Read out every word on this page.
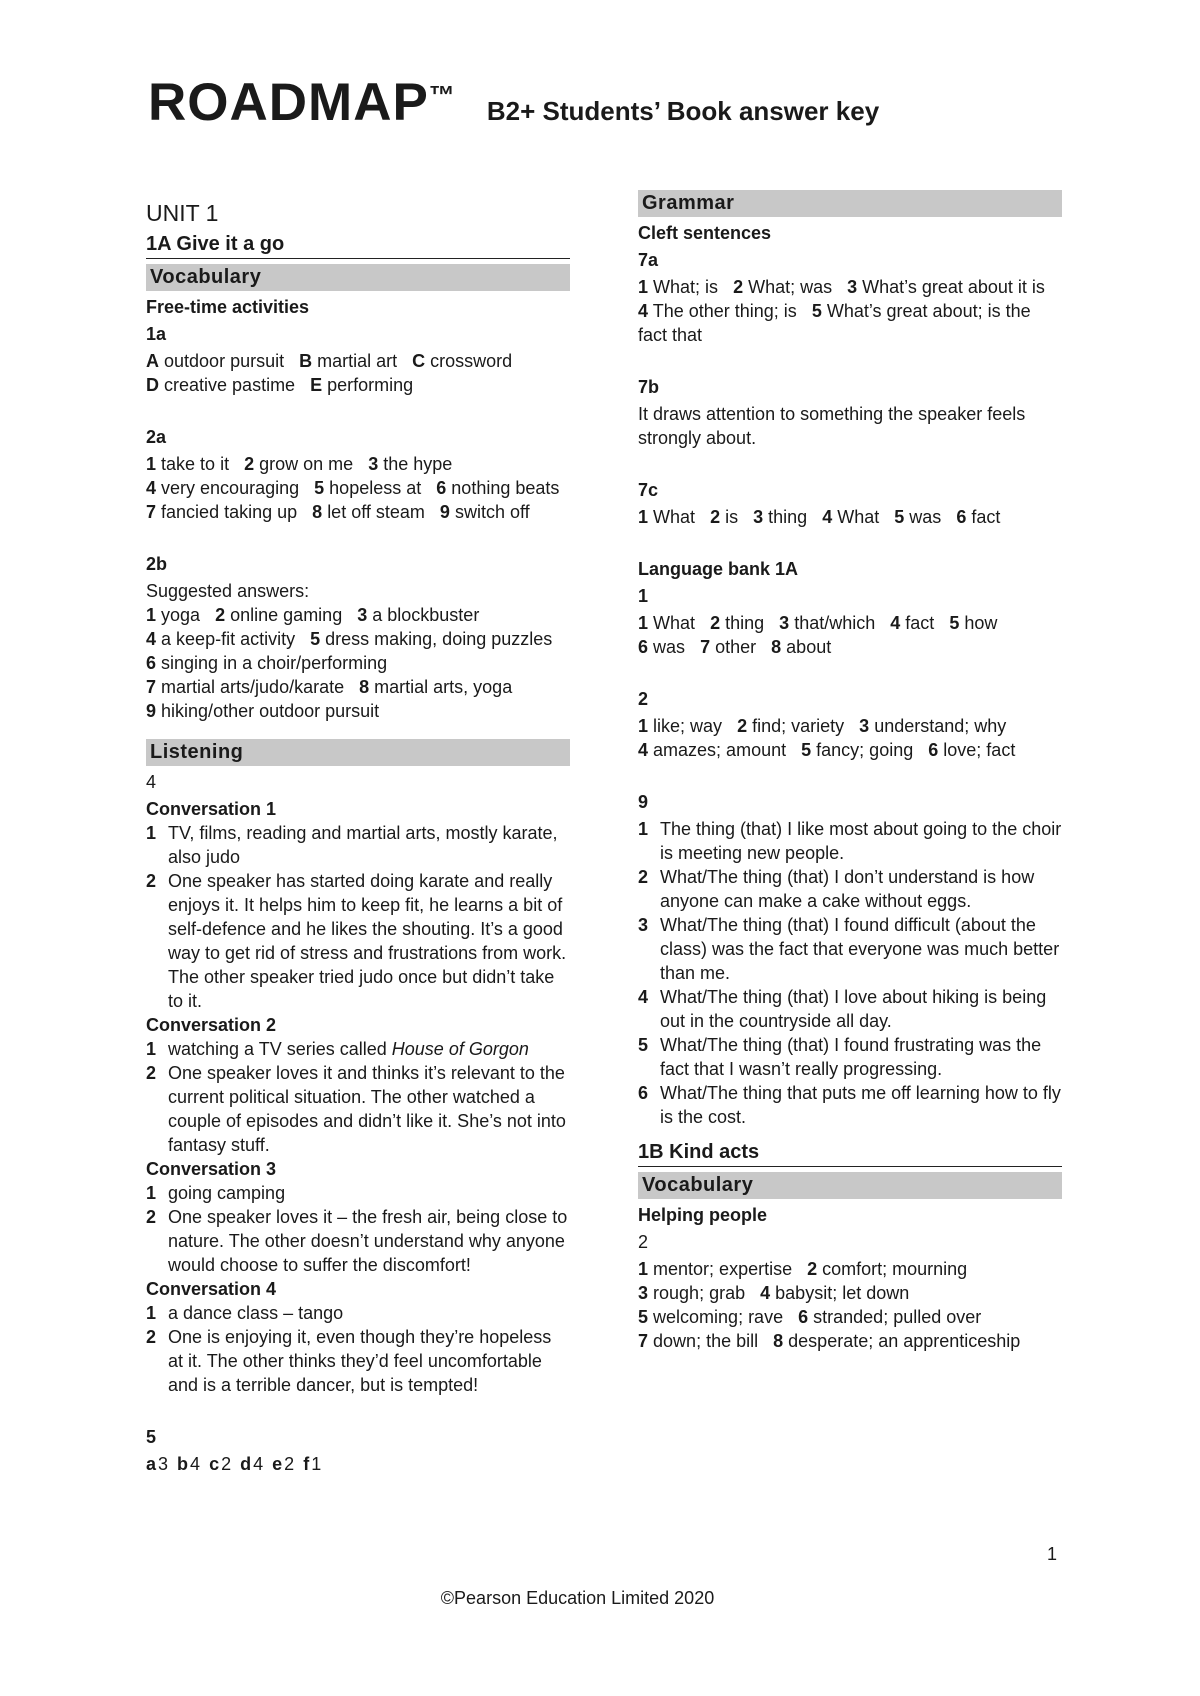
ROADMAP™ B2+ Students’ Book answer key
UNIT 1
1A Give it a go
Vocabulary
Free-time activities
1a
A outdoor pursuit B martial art C crossword
D creative pastime E performing
2a
1 take to it 2 grow on me 3 the hype
4 very encouraging 5 hopeless at 6 nothing beats
7 fancied taking up 8 let off steam 9 switch off
2b
Suggested answers:
1 yoga 2 online gaming 3 a blockbuster
4 a keep-fit activity 5 dress making, doing puzzles
6 singing in a choir/performing
7 martial arts/judo/karate 8 martial arts, yoga
9 hiking/other outdoor pursuit
Listening
4
Conversation 1
1 TV, films, reading and martial arts, mostly karate, also judo
2 One speaker has started doing karate and really enjoys it. It helps him to keep fit, he learns a bit of self-defence and he likes the shouting. It’s a good way to get rid of stress and frustrations from work. The other speaker tried judo once but didn’t take to it.
Conversation 2
1 watching a TV series called House of Gorgon
2 One speaker loves it and thinks it’s relevant to the current political situation. The other watched a couple of episodes and didn’t like it. She’s not into fantasy stuff.
Conversation 3
1 going camping
2 One speaker loves it – the fresh air, being close to nature. The other doesn’t understand why anyone would choose to suffer the discomfort!
Conversation 4
1 a dance class – tango
2 One is enjoying it, even though they’re hopeless at it. The other thinks they’d feel uncomfortable and is a terrible dancer, but is tempted!
5
a3 b4 c2 d4 e2 f1
Grammar
Cleft sentences
7a
1 What; is 2 What; was 3 What’s great about it is
4 The other thing; is 5 What’s great about; is the
fact that
7b
It draws attention to something the speaker feels strongly about.
7c
1 What 2 is 3 thing 4 What 5 was 6 fact
Language bank 1A
1
1 What 2 thing 3 that/which 4 fact 5 how
6 was 7 other 8 about
2
1 like; way 2 find; variety 3 understand; why
4 amazes; amount 5 fancy; going 6 love; fact
9
1 The thing (that) I like most about going to the choir is meeting new people.
2 What/The thing (that) I don’t understand is how anyone can make a cake without eggs.
3 What/The thing (that) I found difficult (about the class) was the fact that everyone was much better than me.
4 What/The thing (that) I love about hiking is being out in the countryside all day.
5 What/The thing (that) I found frustrating was the fact that I wasn’t really progressing.
6 What/The thing that puts me off learning how to fly is the cost.
1B Kind acts
Vocabulary
Helping people
2
1 mentor; expertise 2 comfort; mourning
3 rough; grab 4 babysit; let down
5 welcoming; rave 6 stranded; pulled over
7 down; the bill 8 desperate; an apprenticeship
1
©Pearson Education Limited 2020
